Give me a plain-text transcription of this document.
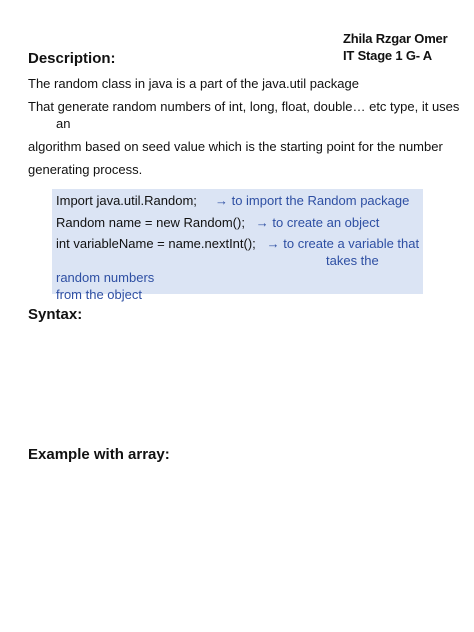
Zhila Rzgar Omer
IT Stage 1 G- A
Description:
The random class in java is a part of the java.util package
That generate random numbers of int, long, float, double… etc type, it uses
an
algorithm based on seed value which is the starting point for the number
generating process.
Import java.util.Random; → to import the Random package
Random name = new Random(); → to create an object
int variableName = name.nextInt(); → to create a variable that
takes the
random numbers
from the object
Syntax:
Example with array:
